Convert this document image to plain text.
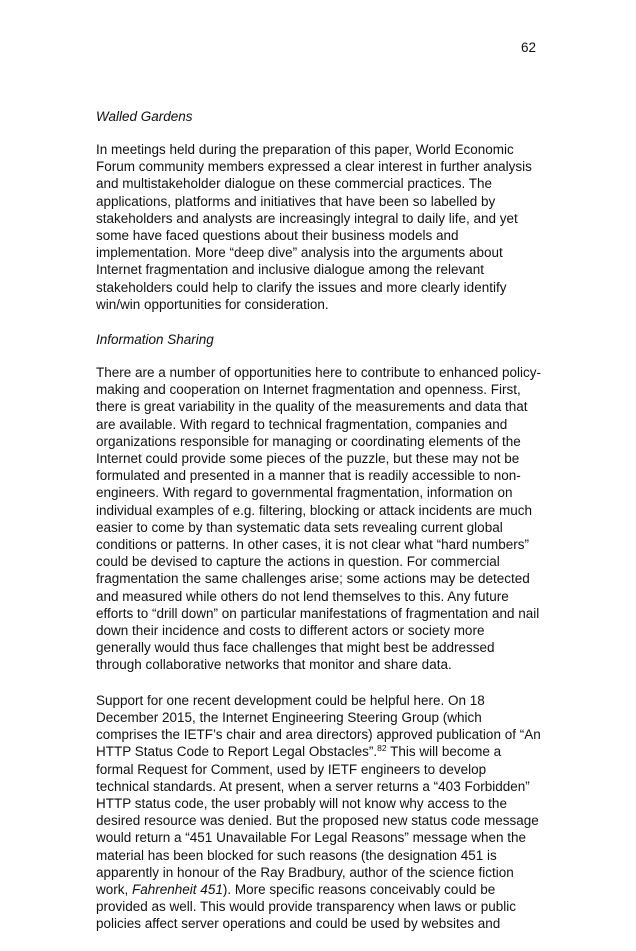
62
Walled Gardens

In meetings held during the preparation of this paper, World Economic Forum community members expressed a clear interest in further analysis and multistakeholder dialogue on these commercial practices. The applications, platforms and initiatives that have been so labelled by stakeholders and analysts are increasingly integral to daily life, and yet some have faced questions about their business models and implementation. More “deep dive” analysis into the arguments about Internet fragmentation and inclusive dialogue among the relevant stakeholders could help to clarify the issues and more clearly identify win/win opportunities for consideration.

Information Sharing

There are a number of opportunities here to contribute to enhanced policy-making and cooperation on Internet fragmentation and openness. First, there is great variability in the quality of the measurements and data that are available. With regard to technical fragmentation, companies and organizations responsible for managing or coordinating elements of the Internet could provide some pieces of the puzzle, but these may not be formulated and presented in a manner that is readily accessible to non-engineers. With regard to governmental fragmentation, information on individual examples of e.g. filtering, blocking or attack incidents are much easier to come by than systematic data sets revealing current global conditions or patterns. In other cases, it is not clear what “hard numbers” could be devised to capture the actions in question. For commercial fragmentation the same challenges arise; some actions may be detected and measured while others do not lend themselves to this. Any future efforts to “drill down” on particular manifestations of fragmentation and nail down their incidence and costs to different actors or society more generally would thus face challenges that might best be addressed through collaborative networks that monitor and share data.

Support for one recent development could be helpful here. On 18 December 2015, the Internet Engineering Steering Group (which comprises the IETF’s chair and area directors) approved publication of “An HTTP Status Code to Report Legal Obstacles”.$^{82}$ This will become a formal Request for Comment, used by IETF engineers to develop technical standards. At present, when a server returns a “403 Forbidden” HTTP status code, the user probably will not know why access to the desired resource was denied. But the proposed new status code message would return a “451 Unavailable For Legal Reasons” message when the material has been blocked for such reasons (the designation 451 is apparently in honour of the Ray Bradbury, author of the science fiction work, Fahrenheit 451). More specific reasons conceivably could be provided as well. This would provide transparency when laws or public policies affect server operations and could be used by websites and
